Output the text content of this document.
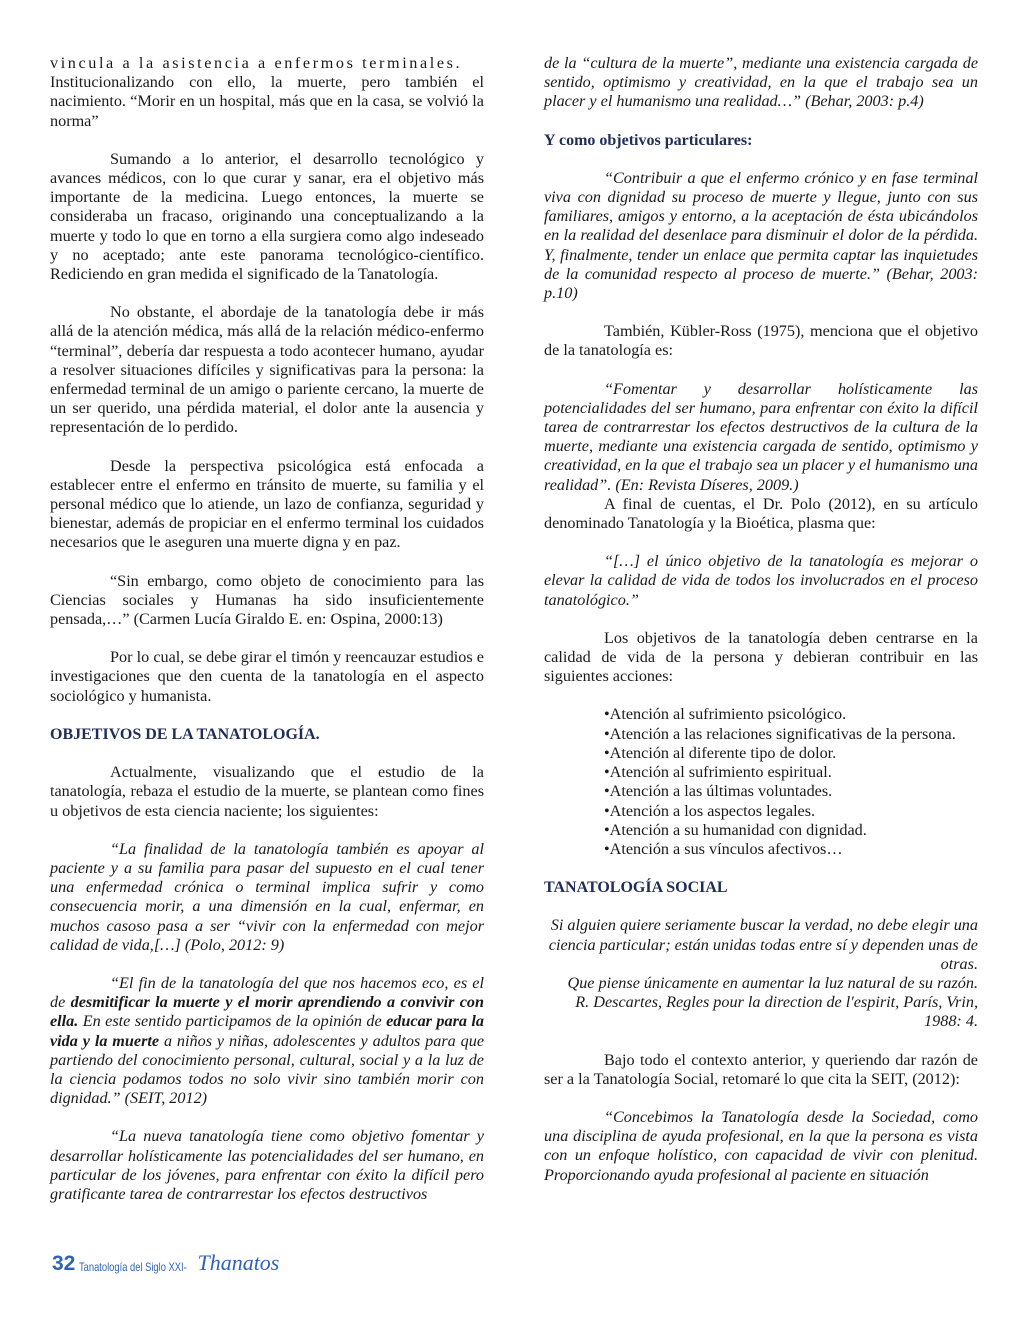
vincula a la asistencia a enfermos terminales.

Institucionalizando con ello, la muerte, pero también el nacimiento. “Morir en un hospital, más que en la casa, se volvió la norma”

Sumando a lo anterior, el desarrollo tecnológico y avances médicos, con lo que curar y sanar, era el objetivo más importante de la medicina. Luego entonces, la muerte se consideraba un fracaso, originando una conceptualizando a la muerte y todo lo que en torno a ella surgiera como algo indeseado y no aceptado; ante este panorama tecnológico-científico. Rediciendo en gran medida el significado de la Tanatología.

No obstante, el abordaje de la tanatología debe ir más allá de la atención médica, más allá de la relación médico-enfermo “terminal”, debería dar respuesta a todo acontecer humano, ayudar a resolver situaciones difíciles y significativas para la persona: la enfermedad terminal de un amigo o pariente cercano, la muerte de un ser querido, una pérdida material, el dolor ante la ausencia y representación de lo perdido.

Desde la perspectiva psicológica está enfocada a establecer entre el enfermo en tránsito de muerte, su familia y el personal médico que lo atiende, un lazo de confianza, seguridad y bienestar, además de propiciar en el enfermo terminal los cuidados necesarios que le aseguren una muerte digna y en paz.

“Sin embargo, como objeto de conocimiento para las Ciencias sociales y Humanas ha sido insuficientemente pensada,…” (Carmen Lucía Giraldo E. en: Ospina, 2000:13)

Por lo cual, se debe girar el timón y reencauzar estudios e investigaciones que den cuenta de la tanatología en el aspecto sociológico y humanista.

OBJETIVOS DE LA TANATOLOGÍA.

Actualmente, visualizando que el estudio de la tanatología, rebaza el estudio de la muerte, se plantean como fines u objetivos de esta ciencia naciente; los siguientes:

“La finalidad de la tanatología también es apoyar al paciente y a su familia para pasar del supuesto en el cual tener una enfermedad crónica o terminal implica sufrir y como consecuencia morir, a una dimensión en la cual, enfermar, en muchos casoso pasa a ser “vivir con la enfermedad con mejor calidad de vida,[…] (Polo, 2012: 9)

“El fin de la tanatología del que nos hacemos eco, es el de desmitificar la muerte y el morir aprendiendo a convivir con ella. En este sentido participamos de la opinión de educar para la vida y la muerte a niños y niñas, adolescentes y adultos para que partiendo del conocimiento personal, cultural, social y a la luz de la ciencia podamos todos no solo vivir sino también morir con dignidad.” (SEIT, 2012)

“La nueva tanatología tiene como objetivo fomentar y desarrollar holísticamente las potencialidades del ser humano, en particular de los jóvenes, para enfrentar con éxito la difícil pero gratificante tarea de contrarrestar los efectos destructivos

de la “cultura de la muerte”, mediante una existencia cargada de sentido, optimismo y creatividad, en la que el trabajo sea un placer y el humanismo una realidad…” (Behar, 2003: p.4)

Y como objetivos particulares:

“Contribuir a que el enfermo crónico y en fase terminal viva con dignidad su proceso de muerte y llegue, junto con sus familiares, amigos y entorno, a la aceptación de ésta ubicándolos en la realidad del desenlace para disminuir el dolor de la pérdida. Y, finalmente, tender un enlace que permita captar las inquietudes de la comunidad respecto al proceso de muerte.” (Behar, 2003: p.10)

También, Kübler-Ross (1975), menciona que el objetivo de la tanatología es:

“Fomentar y desarrollar holísticamente las potencialidades del ser humano, para enfrentar con éxito la difícil tarea de contrarrestar los efectos destructivos de la cultura de la muerte, mediante una existencia cargada de sentido, optimismo y creatividad, en la que el trabajo sea un placer y el humanismo una realidad”. (En: Revista Díseres, 2009.)

A final de cuentas, el Dr. Polo (2012), en su artículo denominado Tanatología y la Bioética, plasma que:

“[…] el único objetivo de la tanatología es mejorar o elevar la calidad de vida de todos los involucrados en el proceso tanatológico.”

Los objetivos de la tanatología deben centrarse en la calidad de vida de la persona y debieran contribuir en las siguientes acciones:

•Atención al sufrimiento psicológico.
•Atención a las relaciones significativas de la persona.
•Atención al diferente tipo de dolor.
•Atención al sufrimiento espiritual.
•Atención a las últimas voluntades.
•Atención a los aspectos legales.
•Atención a su humanidad con dignidad.
•Atención a sus vínculos afectivos…

TANATOLOGÍA SOCIAL

Si alguien quiere seriamente buscar la verdad, no debe elegir una ciencia particular; están unidas todas entre sí y dependen unas de otras.

Que piense únicamente en aumentar la luz natural de su razón.

R. Descartes, Regles pour la direction de l'espirit, París, Vrin, 1988: 4.

Bajo todo el contexto anterior, y queriendo dar razón de ser a la Tanatología Social, retomaré lo que cita la SEIT, (2012):

“Concebimos la Tanatología desde la Sociedad, como una disciplina de ayuda profesional, en la que la persona es vista con un enfoque holístico, con capacidad de vivir con plenitud. Proporcionando ayuda profesional al paciente en situación

32 Tanatología del Siglo XXI- Thanatos
